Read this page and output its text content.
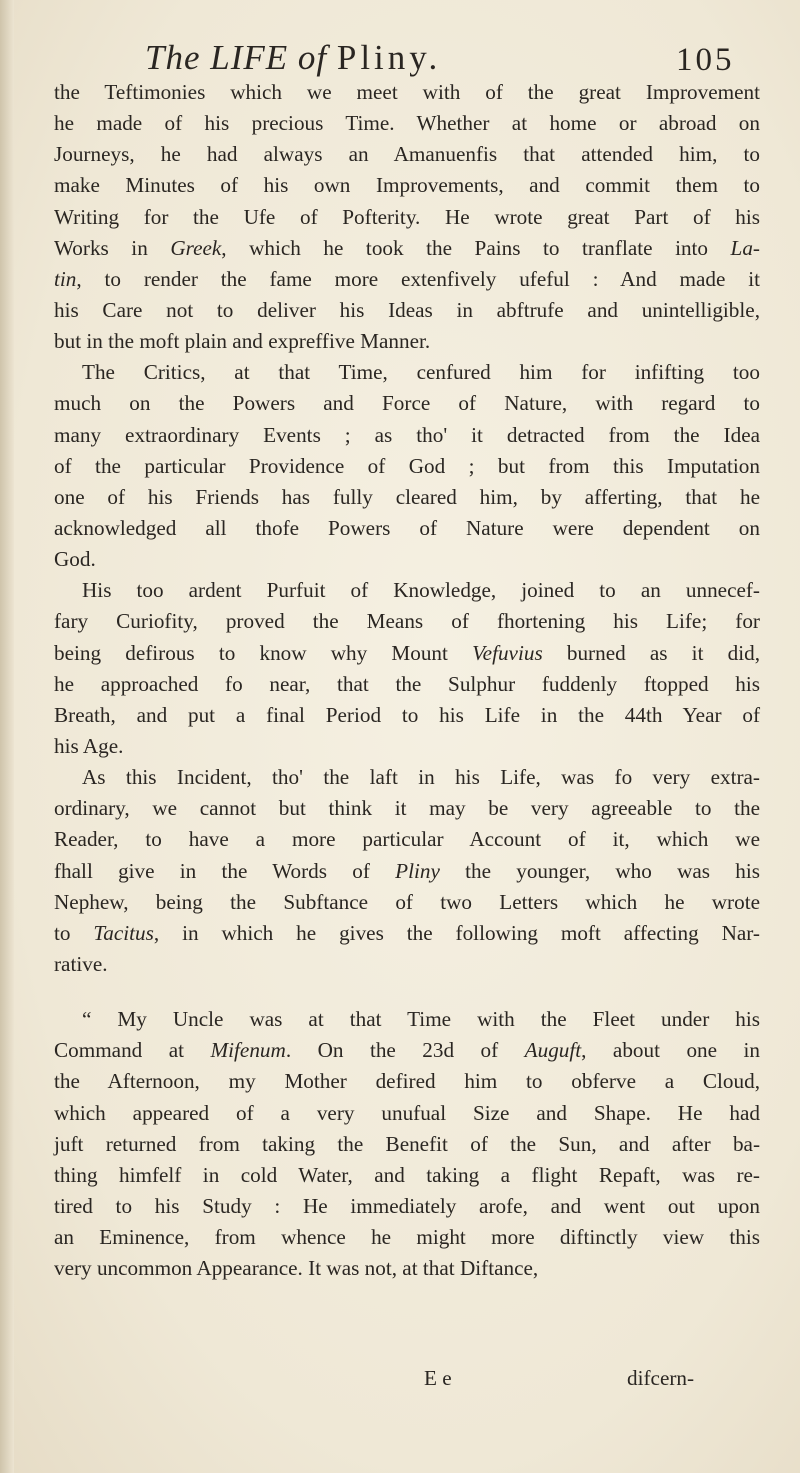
The LIFE of Pliny.	105
the Teftimonies which we meet with of the great Improvement
he made of his precious Time. Whether at home or abroad on
Journeys, he had always an Amanuenfis that attended him, to
make Minutes of his own Improvements, and commit them to
Writing for the Ufe of Pofterity. He wrote great Part of his
Works in Greek, which he took the Pains to tranflate into La-
tin, to render the fame more extenfively ufeful : And made it
his Care not to deliver his Ideas in abftrufe and unintelligible,
but in the moft plain and expreffive Manner.
The Critics, at that Time, cenfured him for infifting too
much on the Powers and Force of Nature, with regard to
many extraordinary Events ; as tho' it detracted from the Idea
of the particular Providence of God ; but from this Imputation
one of his Friends has fully cleared him, by afferting, that he
acknowledged all thofe Powers of Nature were dependent on
God.
His too ardent Purfuit of Knowledge, joined to an unnecef-
fary Curiofity, proved the Means of fhortening his Life; for
being defirous to know why Mount Vefuvius burned as it did,
he approached fo near, that the Sulphur fuddenly ftopped his
Breath, and put a final Period to his Life in the 44th Year of
his Age.
As this Incident, tho' the laft in his Life, was fo very extra-
ordinary, we cannot but think it may be very agreeable to the
Reader, to have a more particular Account of it, which we
fhall give in the Words of Pliny the younger, who was his
Nephew, being the Subftance of two Letters which he wrote
to Tacitus, in which he gives the following moft affecting Nar-
rative.
“ My Uncle was at that Time with the Fleet under his
Command at Mifenum. On the 23d of Auguft, about one in
the Afternoon, my Mother defired him to obferve a Cloud,
which appeared of a very unufual Size and Shape. He had
juft returned from taking the Benefit of the Sun, and after ba-
thing himfelf in cold Water, and taking a flight Repaft, was re-
tired to his Study : He immediately arofe, and went out upon
an Eminence, from whence he might more diftinctly view this
very uncommon Appearance. It was not, at that Diftance,
E e	difcern-
